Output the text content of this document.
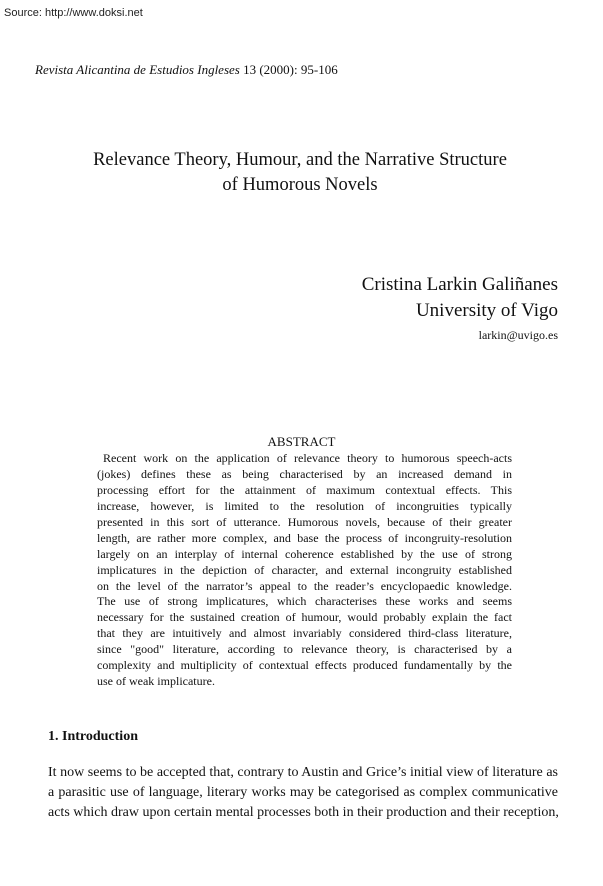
Source: http://www.doksi.net
Revista Alicantina de Estudios Ingleses 13 (2000): 95-106
Relevance Theory, Humour, and the Narrative Structure
of Humorous Novels
Cristina Larkin Galiñanes
University of Vigo
larkin@uvigo.es
ABSTRACT
Recent work on the application of relevance theory to humorous speech-acts
(jokes) defines these as being characterised by an increased demand in
processing effort for the attainment of maximum contextual effects. This
increase, however, is limited to the resolution of incongruities typically
presented in this sort of utterance. Humorous novels, because of their greater
length, are rather more complex, and base the process of incongruity-resolution
largely on an interplay of internal coherence established by the use of strong
implicatures in the depiction of character, and external incongruity established
on the level of the narrator’s appeal to the reader’s encyclopaedic knowledge.
The use of strong implicatures, which characterises these works and seems
necessary for the sustained creation of humour, would probably explain the fact
that they are intuitively and almost invariably considered third-class literature,
since "good" literature, according to relevance theory, is characterised by a
complexity and multiplicity of contextual effects produced fundamentally by the
use of weak implicature.
1. Introduction
It now seems to be accepted that, contrary to Austin and Grice’s initial view of literature as
a parasitic use of language, literary works may be categorised as complex communicative
acts which draw upon certain mental processes both in their production and their reception,
